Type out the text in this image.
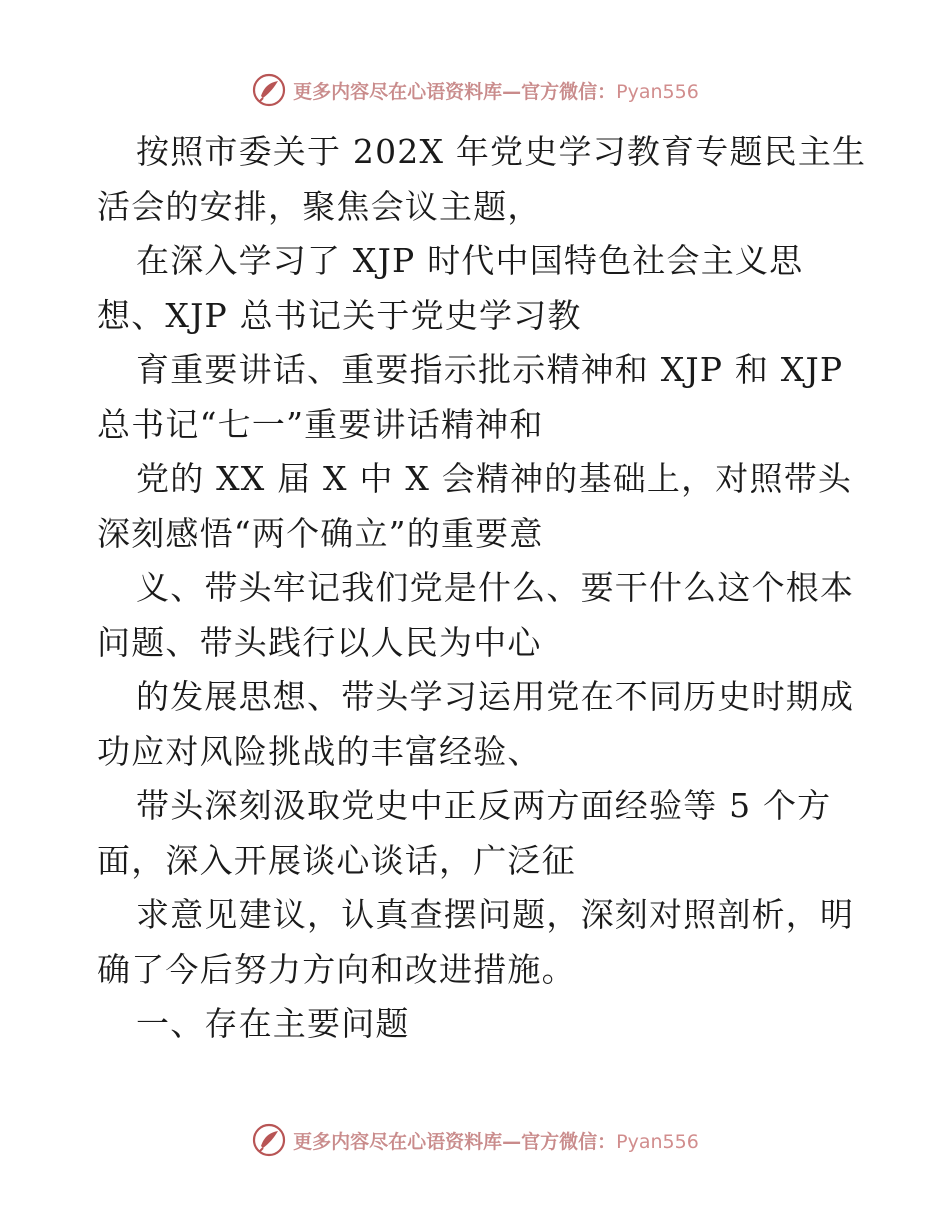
更多内容尽在心语资料库—官方微信：Pyan556
按照市委关于 202X 年党史学习教育专题民主生
活会的安排，聚焦会议主题，
在深入学习了 XJP 时代中国特色社会主义思
想、XJP 总书记关于党史学习教
育重要讲话、重要指示批示精神和 XJP 和 XJP
总书记“七一”重要讲话精神和
党的 XX 届 X 中 X 会精神的基础上，对照带头
深刻感悟“两个确立”的重要意
义、带头牢记我们党是什么、要干什么这个根本
问题、带头践行以人民为中心
的发展思想、带头学习运用党在不同历史时期成
功应对风险挑战的丰富经验、
带头深刻汲取党史中正反两方面经验等 5 个方
面，深入开展谈心谈话，广泛征
求意见建议，认真查摆问题，深刻对照剖析，明
确了今后努力方向和改进措施。
一、存在主要问题
更多内容尽在心语资料库—官方微信：Pyan556
